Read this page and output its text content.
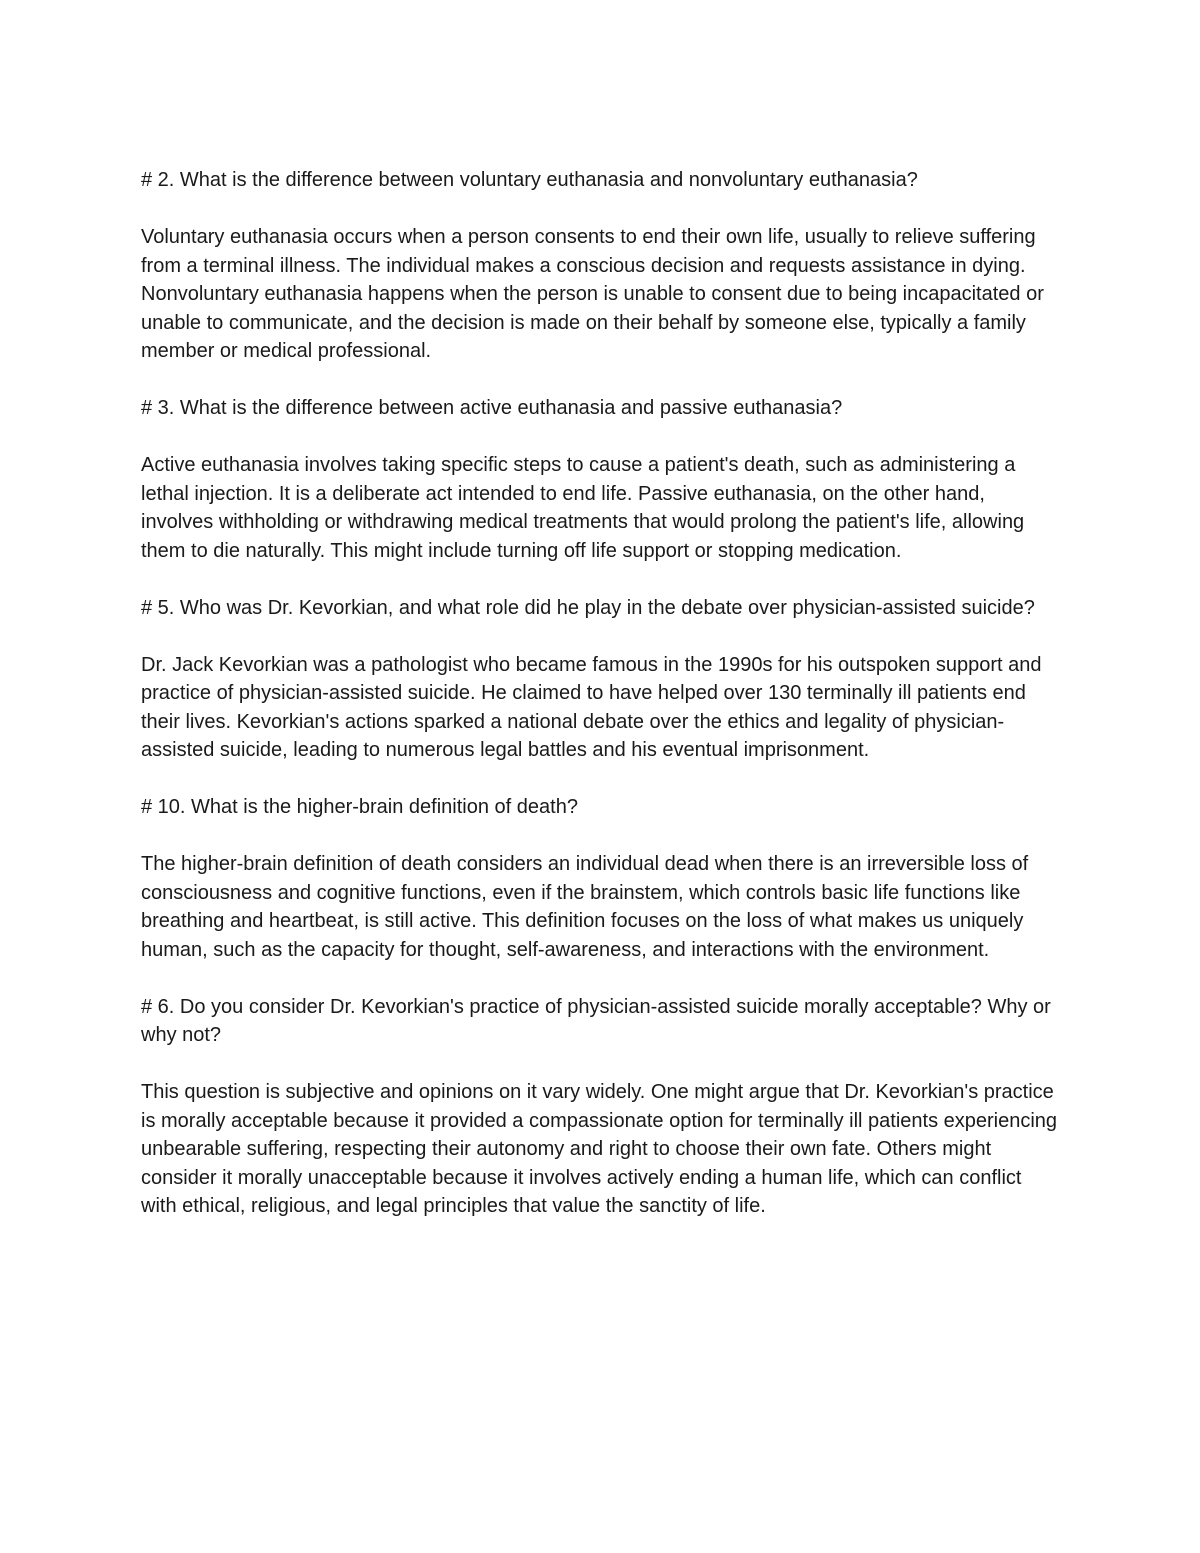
# 2. What is the difference between voluntary euthanasia and nonvoluntary euthanasia?

Voluntary euthanasia occurs when a person consents to end their own life, usually to relieve suffering from a terminal illness. The individual makes a conscious decision and requests assistance in dying. Nonvoluntary euthanasia happens when the person is unable to consent due to being incapacitated or unable to communicate, and the decision is made on their behalf by someone else, typically a family member or medical professional.

# 3. What is the difference between active euthanasia and passive euthanasia?

Active euthanasia involves taking specific steps to cause a patient's death, such as administering a lethal injection. It is a deliberate act intended to end life. Passive euthanasia, on the other hand, involves withholding or withdrawing medical treatments that would prolong the patient's life, allowing them to die naturally. This might include turning off life support or stopping medication.

# 5. Who was Dr. Kevorkian, and what role did he play in the debate over physician-assisted suicide?

Dr. Jack Kevorkian was a pathologist who became famous in the 1990s for his outspoken support and practice of physician-assisted suicide. He claimed to have helped over 130 terminally ill patients end their lives. Kevorkian's actions sparked a national debate over the ethics and legality of physician-assisted suicide, leading to numerous legal battles and his eventual imprisonment.

# 10. What is the higher-brain definition of death?

The higher-brain definition of death considers an individual dead when there is an irreversible loss of consciousness and cognitive functions, even if the brainstem, which controls basic life functions like breathing and heartbeat, is still active. This definition focuses on the loss of what makes us uniquely human, such as the capacity for thought, self-awareness, and interactions with the environment.

# 6. Do you consider Dr. Kevorkian's practice of physician-assisted suicide morally acceptable? Why or why not?

This question is subjective and opinions on it vary widely. One might argue that Dr. Kevorkian's practice is morally acceptable because it provided a compassionate option for terminally ill patients experiencing unbearable suffering, respecting their autonomy and right to choose their own fate. Others might consider it morally unacceptable because it involves actively ending a human life, which can conflict with ethical, religious, and legal principles that value the sanctity of life.
